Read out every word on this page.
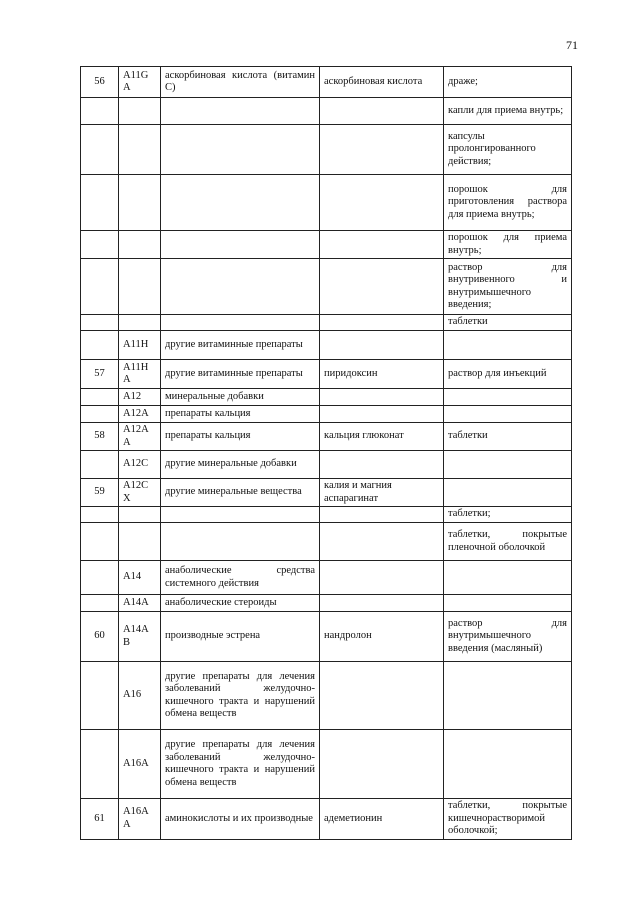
71
56	A11G A	аскорбиновая кислота (витамин С)	аскорбиновая кислота	драже;
				капли для приема внутрь;
				капсулы пролонгированного действия;
				порошок для приготовления раствора для приема внутрь;
				порошок для приема внутрь;
				раствор для внутривенного и внутримышечного введения;
				таблетки
	A11H	другие витаминные препараты		
57	A11H A	другие витаминные препараты	пиридоксин	раствор для инъекций
	A12	минеральные добавки		
	A12A	препараты кальция		
58	A12A A	препараты кальция	кальция глюконат	таблетки
	A12C	другие минеральные добавки		
59	A12C X	другие минеральные вещества	калия и магния аспарагинат	
				таблетки;
				таблетки, покрытые пленочной оболочкой
	A14	анаболические средства системного действия		
	A14A	анаболические стероиды		
60	A14A B	производные эстрена	нандролон	раствор для внутримышечного введения (масляный)
	A16	другие препараты для лечения заболеваний желудочно-кишечного тракта и нарушений обмена веществ		
	A16A	другие препараты для лечения заболеваний желудочно-кишечного тракта и нарушений обмена веществ		
61	A16A A	аминокислоты и их производные	адеметионин	таблетки, покрытые кишечнорастворимой оболочкой;
